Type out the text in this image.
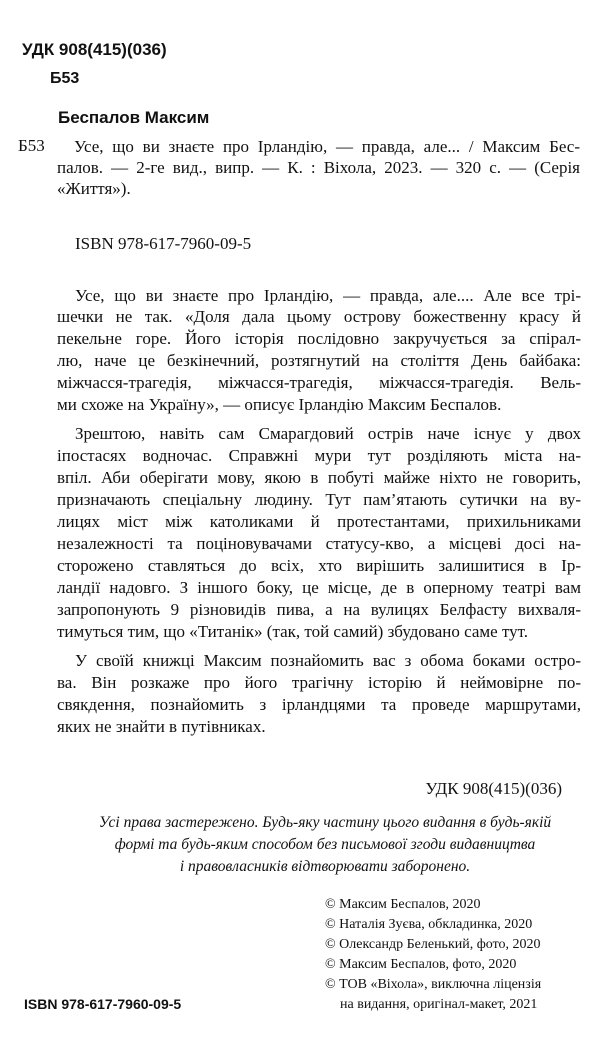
УДК 908(415)(036)
Б53
Беспалов Максим
Б53 Усе, що ви знаєте про Ірландію, — правда, але... / Максим Бес-
палов. — 2-ге вид., випр. — К. : Віхола, 2023. — 320 с. — (Серія
«Життя»).
ISBN 978-617-7960-09-5
Усе, що ви знаєте про Ірландію, — правда, але.... Але все трі-
шечки не так. «Доля дала цьому острову божественну красу й
пекельне горе. Його історія послідовно закручується за спірал-
лю, наче це безкінечний, розтягнутий на століття День байбака:
міжчасся-трагедія, міжчасся-трагедія, міжчасся-трагедія. Вель-
ми схоже на Україну», — описує Ірландію Максим Беспалов.
Зрештою, навіть сам Смарагдовий острів наче існує у двох
іпостасях водночас. Справжні мури тут розділяють міста на-
впіл. Аби оберігати мову, якою в побуті майже ніхто не говорить,
призначають спеціальну людину. Тут пам’ятають сутички на ву-
лицях міст між католиками й протестантами, прихильниками
незалежності та поціновувачами статусу-кво, а місцеві досі на-
сторожено ставляться до всіх, хто вирішить залишитися в Ір-
ландії надовго. З іншого боку, це місце, де в оперному театрі вам
запропонують 9 різновидів пива, а на вулицях Белфасту вихваля-
тимуться тим, що «Титанік» (так, той самий) збудовано саме тут.
У своїй книжці Максим познайомить вас з обома боками остро-
ва. Він розкаже про його трагічну історію й неймовірне по-
свякдення, познайомить з ірландцями та проведе маршрутами,
яких не знайти в путівниках.
УДК 908(415)(036)
Усі права застережено. Будь-яку частину цього видання в будь-якій
формі та будь-яким способом без письмової згоди видавництва
і правовласників відтворювати заборонено.
© Максим Беспалов, 2020
© Наталія Зуєва, обкладинка, 2020
© Олександр Беленький, фото, 2020
© Максим Беспалов, фото, 2020
© ТОВ «Віхола», виключна ліцензія
на видання, оригінал-макет, 2021
ISBN 978-617-7960-09-5
